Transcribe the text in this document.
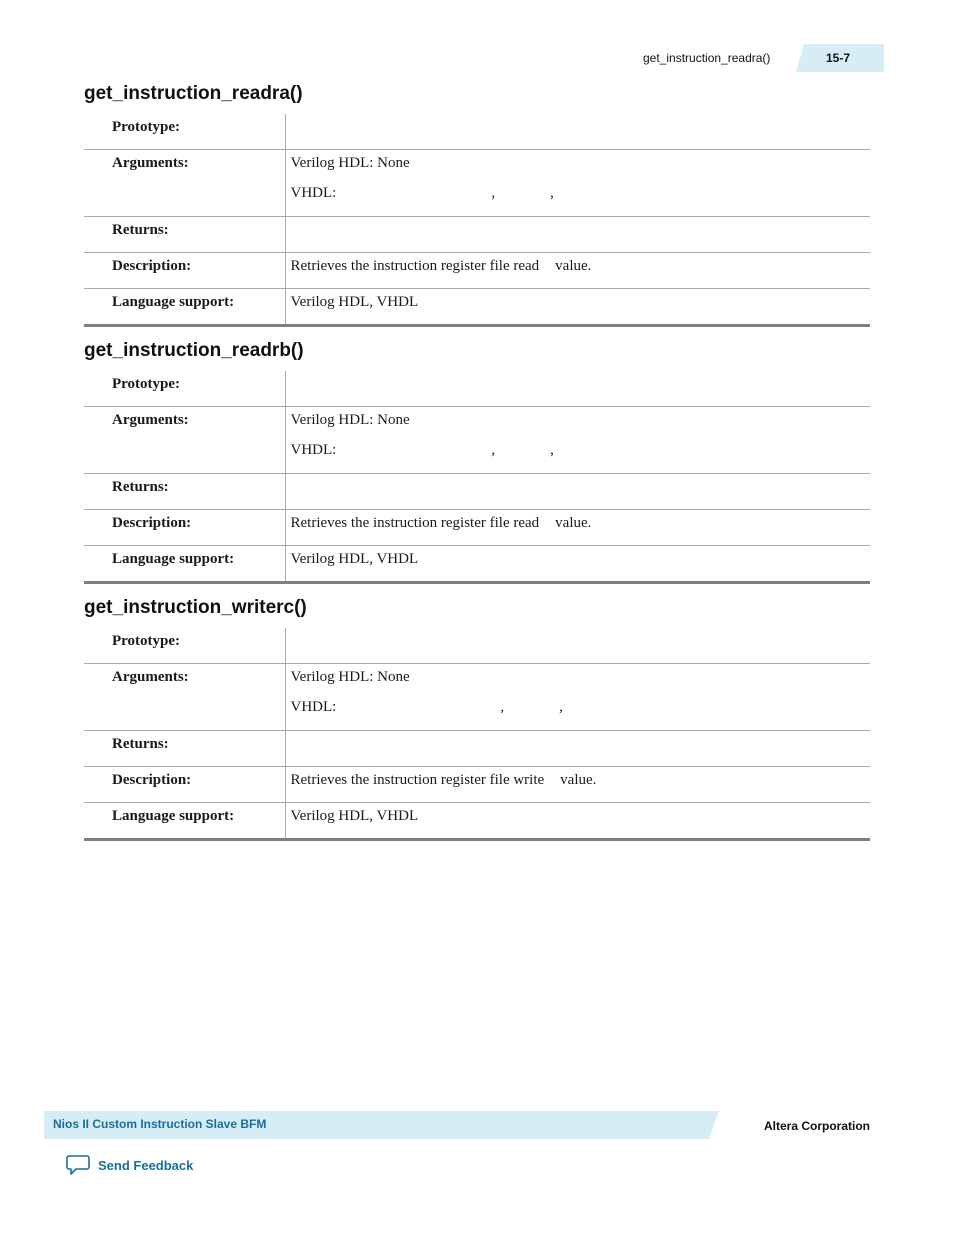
get_instruction_readra()	15-7
get_instruction_readra()
Prototype:	
Arguments:	Verilog HDL: None
VHDL: , ,

Returns:	
Description:	Retrieves the instruction register file read value.
Language support:	Verilog HDL, VHDL
get_instruction_readrb()
Prototype:	
Arguments:	Verilog HDL: None
VHDL: , ,

Returns:	
Description:	Retrieves the instruction register file read value.
Language support:	Verilog HDL, VHDL
get_instruction_writerc()
Prototype:	
Arguments:	Verilog HDL: None
VHDL: , ,

Returns:	
Description:	Retrieves the instruction register file write value.
Language support:	Verilog HDL, VHDL
Nios II Custom Instruction Slave BFM	Altera Corporation
Send Feedback
